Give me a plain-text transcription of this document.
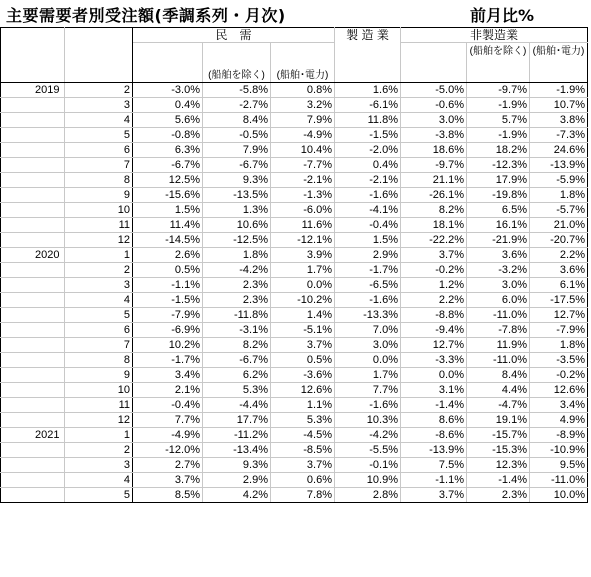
主要需要者別受注額(季調系列・月次)	前月比%
		民　需			製 造 業	非製造業		
			(船舶を除く)	(船舶･電力)			(船舶を除く)	(船舶･電力)
2019	2	-3.0%	-5.8%	0.8%	1.6%	-5.0%	-9.7%	-1.9%
	3	0.4%	-2.7%	3.2%	-6.1%	-0.6%	-1.9%	10.7%
	4	5.6%	8.4%	7.9%	11.8%	3.0%	5.7%	3.8%
	5	-0.8%	-0.5%	-4.9%	-1.5%	-3.8%	-1.9%	-7.3%
	6	6.3%	7.9%	10.4%	-2.0%	18.6%	18.2%	24.6%
	7	-6.7%	-6.7%	-7.7%	0.4%	-9.7%	-12.3%	-13.9%
	8	12.5%	9.3%	-2.1%	-2.1%	21.1%	17.9%	-5.9%
	9	-15.6%	-13.5%	-1.3%	-1.6%	-26.1%	-19.8%	1.8%
	10	1.5%	1.3%	-6.0%	-4.1%	8.2%	6.5%	-5.7%
	11	11.4%	10.6%	11.6%	-0.4%	18.1%	16.1%	21.0%
	12	-14.5%	-12.5%	-12.1%	1.5%	-22.2%	-21.9%	-20.7%
2020	1	2.6%	1.8%	3.9%	2.9%	3.7%	3.6%	2.2%
	2	0.5%	-4.2%	1.7%	-1.7%	-0.2%	-3.2%	3.6%
	3	-1.1%	2.3%	0.0%	-6.5%	1.2%	3.0%	6.1%
	4	-1.5%	2.3%	-10.2%	-1.6%	2.2%	6.0%	-17.5%
	5	-7.9%	-11.8%	1.4%	-13.3%	-8.8%	-11.0%	12.7%
	6	-6.9%	-3.1%	-5.1%	7.0%	-9.4%	-7.8%	-7.9%
	7	10.2%	8.2%	3.7%	3.0%	12.7%	11.9%	1.8%
	8	-1.7%	-6.7%	0.5%	0.0%	-3.3%	-11.0%	-3.5%
	9	3.4%	6.2%	-3.6%	1.7%	0.0%	8.4%	-0.2%
	10	2.1%	5.3%	12.6%	7.7%	3.1%	4.4%	12.6%
	11	-0.4%	-4.4%	1.1%	-1.6%	-1.4%	-4.7%	3.4%
	12	7.7%	17.7%	5.3%	10.3%	8.6%	19.1%	4.9%
2021	1	-4.9%	-11.2%	-4.5%	-4.2%	-8.6%	-15.7%	-8.9%
	2	-12.0%	-13.4%	-8.5%	-5.5%	-13.9%	-15.3%	-10.9%
	3	2.7%	9.3%	3.7%	-0.1%	7.5%	12.3%	9.5%
	4	3.7%	2.9%	0.6%	10.9%	-1.1%	-1.4%	-11.0%
	5	8.5%	4.2%	7.8%	2.8%	3.7%	2.3%	10.0%
